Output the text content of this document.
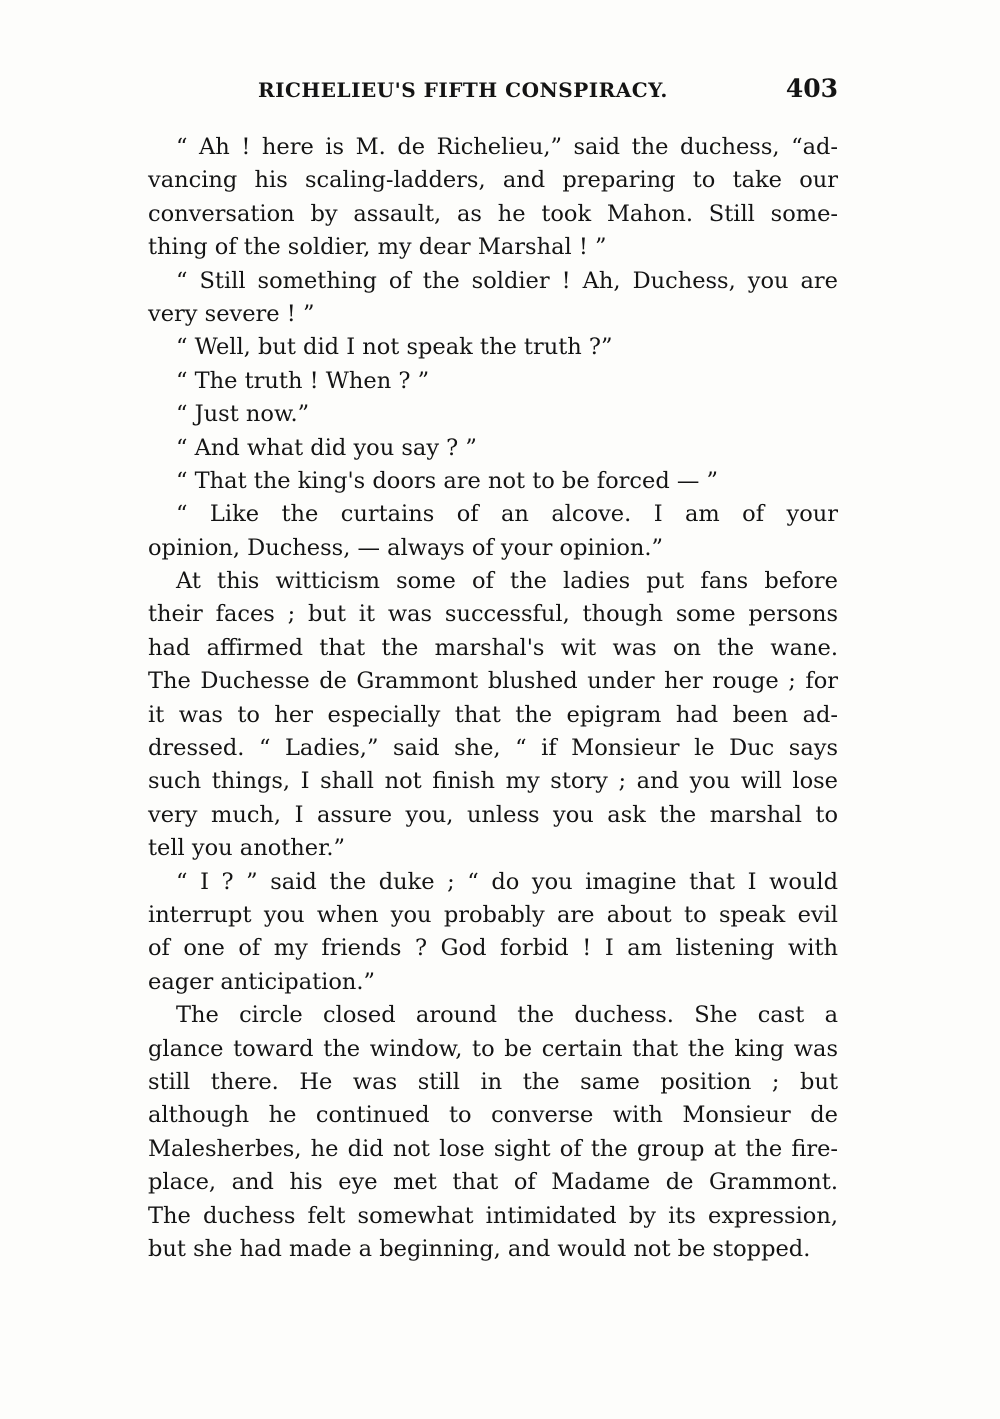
RICHELIEU'S FIFTH CONSPIRACY.	403
“ Ah ! here is M. de Richelieu,” said the duchess, “ad-
vancing his scaling-ladders, and preparing to take our
conversation by assault, as he took Mahon. Still some-
thing of the soldier, my dear Marshal ! ”
“ Still something of the soldier ! Ah, Duchess, you are
very severe ! ”
“ Well, but did I not speak the truth ?”
“ The truth ! When ? ”
“ Just now.”
“ And what did you say ? ”
“ That the king's doors are not to be forced — ”
“ Like the curtains of an alcove. I am of your
opinion, Duchess, — always of your opinion.”
At this witticism some of the ladies put fans before
their faces ; but it was successful, though some persons
had affirmed that the marshal's wit was on the wane.
The Duchesse de Grammont blushed under her rouge ; for
it was to her especially that the epigram had been ad-
dressed. “ Ladies,” said she, “ if Monsieur le Duc says
such things, I shall not finish my story ; and you will lose
very much, I assure you, unless you ask the marshal to
tell you another.”
“ I ? ” said the duke ; “ do you imagine that I would
interrupt you when you probably are about to speak evil
of one of my friends ? God forbid ! I am listening with
eager anticipation.”
The circle closed around the duchess. She cast a
glance toward the window, to be certain that the king was
still there. He was still in the same position ; but
although he continued to converse with Monsieur de
Malesherbes, he did not lose sight of the group at the fire-
place, and his eye met that of Madame de Grammont.
The duchess felt somewhat intimidated by its expression,
but she had made a beginning, and would not be stopped.
